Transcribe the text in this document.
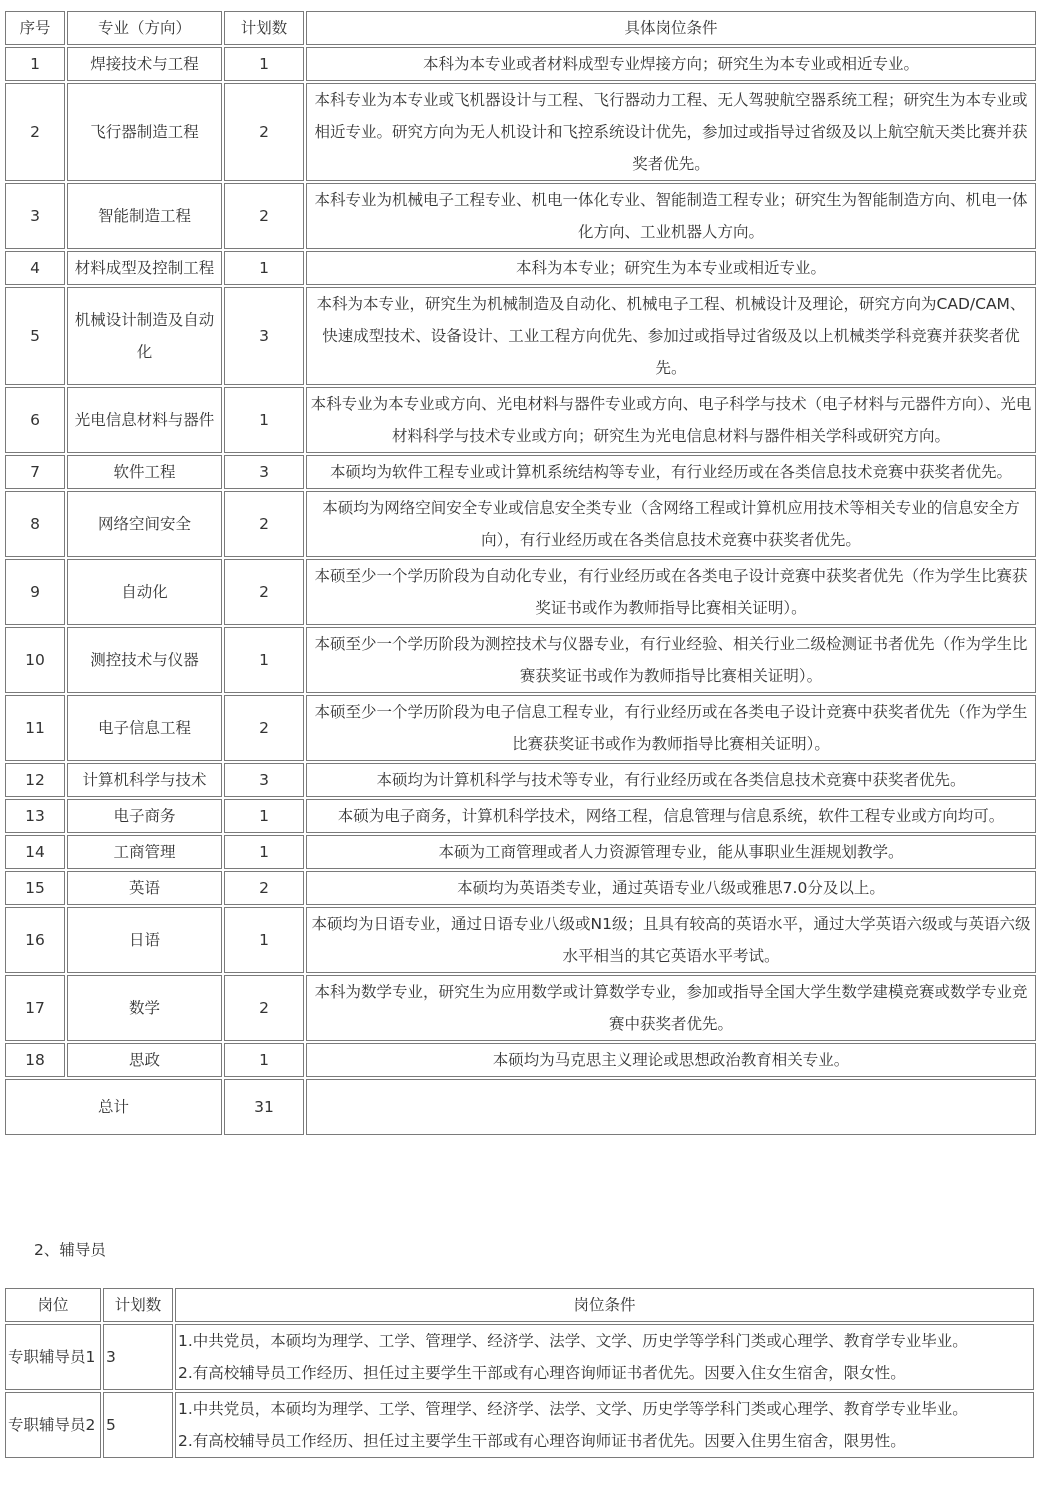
序号	专业（方向）	计划数	具体岗位条件
1	焊接技术与工程	1	本科为本专业或者材料成型专业焊接方向；研究生为本专业或相近专业。
2	飞行器制造工程	2	本科专业为本专业或飞机器设计与工程、飞行器动力工程、无人驾驶航空器系统工程；研究生为本专业或相近专业。研究方向为无人机设计和飞控系统设计优先，参加过或指导过省级及以上航空航天类比赛并获奖者优先。
3	智能制造工程	2	本科专业为机械电子工程专业、机电一体化专业、智能制造工程专业；研究生为智能制造方向、机电一体化方向、工业机器人方向。
4	材料成型及控制工程	1	本科为本专业；研究生为本专业或相近专业。
5	机械设计制造及自动化	3	本科为本专业，研究生为机械制造及自动化、机械电子工程、机械设计及理论，研究方向为CAD/CAM、快速成型技术、设备设计、工业工程方向优先、参加过或指导过省级及以上机械类学科竞赛并获奖者优先。
6	光电信息材料与器件	1	本科专业为本专业或方向、光电材料与器件专业或方向、电子科学与技术（电子材料与元器件方向）、光电材料科学与技术专业或方向；研究生为光电信息材料与器件相关学科或研究方向。
7	软件工程	3	本硕均为软件工程专业或计算机系统结构等专业，有行业经历或在各类信息技术竞赛中获奖者优先。
8	网络空间安全	2	本硕均为网络空间安全专业或信息安全类专业（含网络工程或计算机应用技术等相关专业的信息安全方向），有行业经历或在各类信息技术竞赛中获奖者优先。
9	自动化	2	本硕至少一个学历阶段为自动化专业，有行业经历或在各类电子设计竞赛中获奖者优先（作为学生比赛获奖证书或作为教师指导比赛相关证明）。
10	测控技术与仪器	1	本硕至少一个学历阶段为测控技术与仪器专业，有行业经验、相关行业二级检测证书者优先（作为学生比赛获奖证书或作为教师指导比赛相关证明）。
11	电子信息工程	2	本硕至少一个学历阶段为电子信息工程专业，有行业经历或在各类电子设计竞赛中获奖者优先（作为学生比赛获奖证书或作为教师指导比赛相关证明）。
12	计算机科学与技术	3	本硕均为计算机科学与技术等专业，有行业经历或在各类信息技术竞赛中获奖者优先。
13	电子商务	1	本硕为电子商务，计算机科学技术，网络工程，信息管理与信息系统，软件工程专业或方向均可。
14	工商管理	1	本硕为工商管理或者人力资源管理专业，能从事职业生涯规划教学。
15	英语	2	本硕均为英语类专业，通过英语专业八级或雅思7.0分及以上。
16	日语	1	本硕均为日语专业，通过日语专业八级或N1级；且具有较高的英语水平，通过大学英语六级或与英语六级水平相当的其它英语水平考试。
17	数学	2	本科为数学专业，研究生为应用数学或计算数学专业，参加或指导全国大学生数学建模竞赛或数学专业竞赛中获奖者优先。
18	思政	1	本硕均为马克思主义理论或思想政治教育相关专业。
总计		31	
2、辅导员
岗位	计划数	岗位条件
专职辅导员1	3	1.中共党员，本硕均为理学、工学、管理学、经济学、法学、文学、历史学等学科门类或心理学、教育学专业毕业。
2.有高校辅导员工作经历、担任过主要学生干部或有心理咨询师证书者优先。因要入住女生宿舍，限女性。

专职辅导员2	5	1.中共党员，本硕均为理学、工学、管理学、经济学、法学、文学、历史学等学科门类或心理学、教育学专业毕业。
2.有高校辅导员工作经历、担任过主要学生干部或有心理咨询师证书者优先。因要入住男生宿舍，限男性。
